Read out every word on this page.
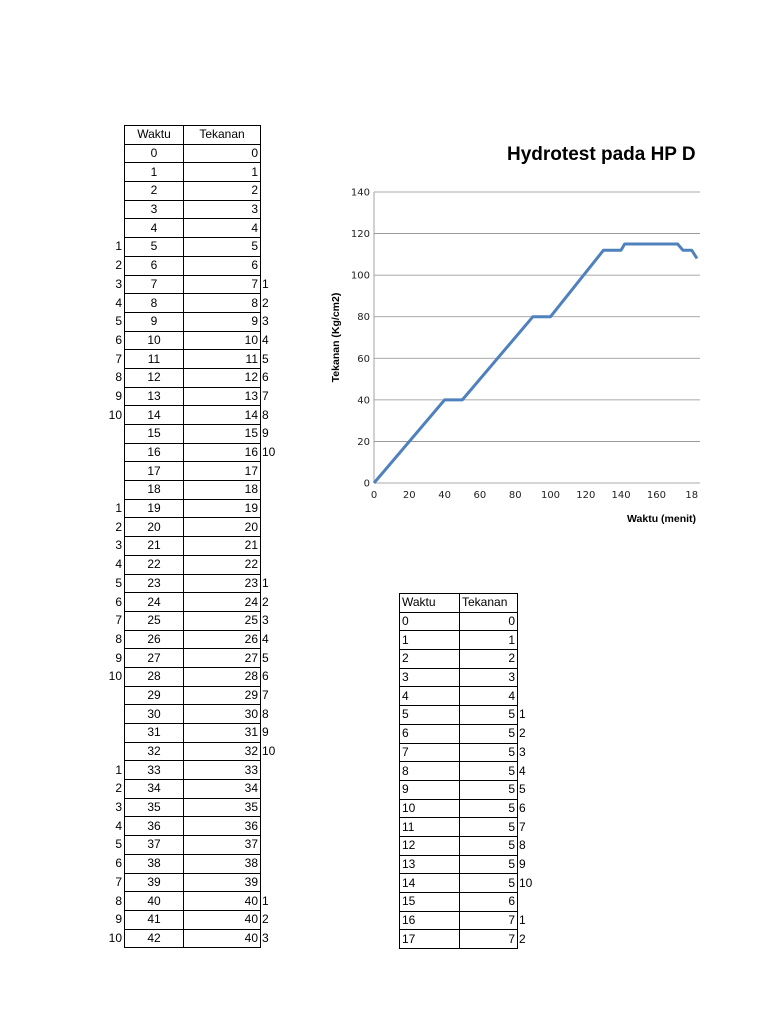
	Waktu	Tekanan	
	0	0	
	1	1	
	2	2	
	3	3	
	4	4	
1	5	5	
2	6	6	
3	7	7	1
4	8	8	2
5	9	9	3
6	10	10	4
7	11	11	5
8	12	12	6
9	13	13	7
10	14	14	8
	15	15	9
	16	16	10
	17	17	
	18	18	
1	19	19	
2	20	20	
3	21	21	
4	22	22	
5	23	23	1
6	24	24	2
7	25	25	3
8	26	26	4
9	27	27	5
10	28	28	6
	29	29	7
	30	30	8
	31	31	9
	32	32	10
1	33	33	
2	34	34	
3	35	35	
4	36	36	
5	37	37	
6	38	38	
7	39	39	
8	40	40	1
9	41	40	2
10	42	40	3
0
20
40
60
80
100
120
140
0	20 40 60 80 100 120 140 160 18
Waktu (menit)
Tekanan (Kg/cm2)
Hydrotest pada HP D
Waktu	Tekanan	
0	0	
1	1	
2	2	
3	3	
4	4	
5	5	1
6	5	2
7	5	3
8	5	4
9	5	5
10	5	6
11	5	7
12	5	8
13	5	9
14	5	10
15	6	
16	7	1
17	7	2
